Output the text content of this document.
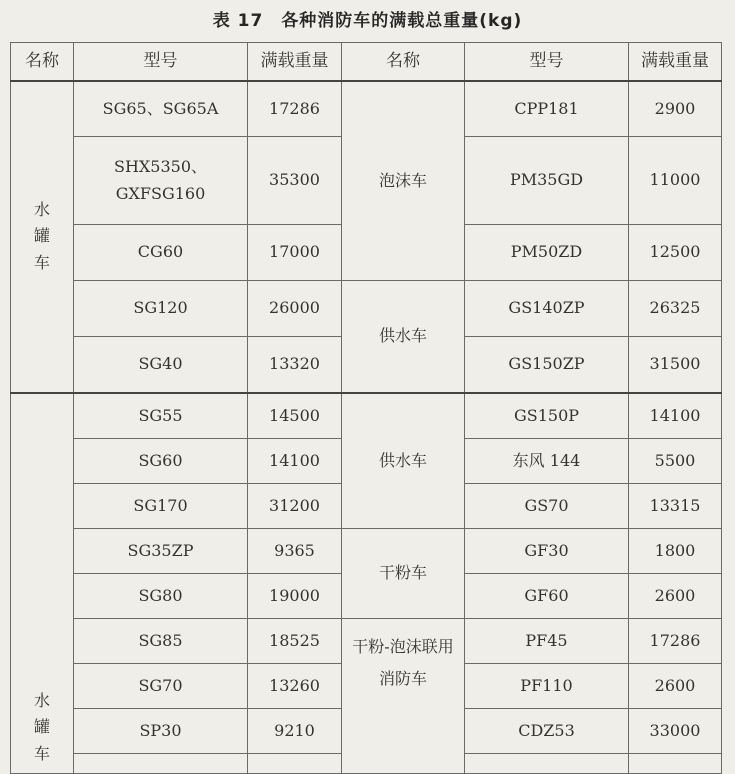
表 17　各种消防车的满载总重量(kg)
名称	型号	满载重量	名称	型号	满载重量

水罐车	SG65、SG65A	17286	泡沫车	CPP181	2900
	SHX5350、GXFSG160	35300		PM35GD	11000
	CG60	17000		PM50ZD	12500
	SG120	26000	供水车	GS140ZP	26325
	SG40	13320		GS150ZP	31500

水罐车	SG55	14500	供水车	GS150P	14100
	SG60	14100		东风 144	5500
	SG170	31200		GS70	13315
	SG35ZP	9365	干粉车	GF30	1800
	SG80	19000		GF60	2600
	SG85	18525	干粉-泡沫联用消防车	PF45	17286
	SG70	13260		PF110	2600
	SP30	9210		CDZ53	33000
